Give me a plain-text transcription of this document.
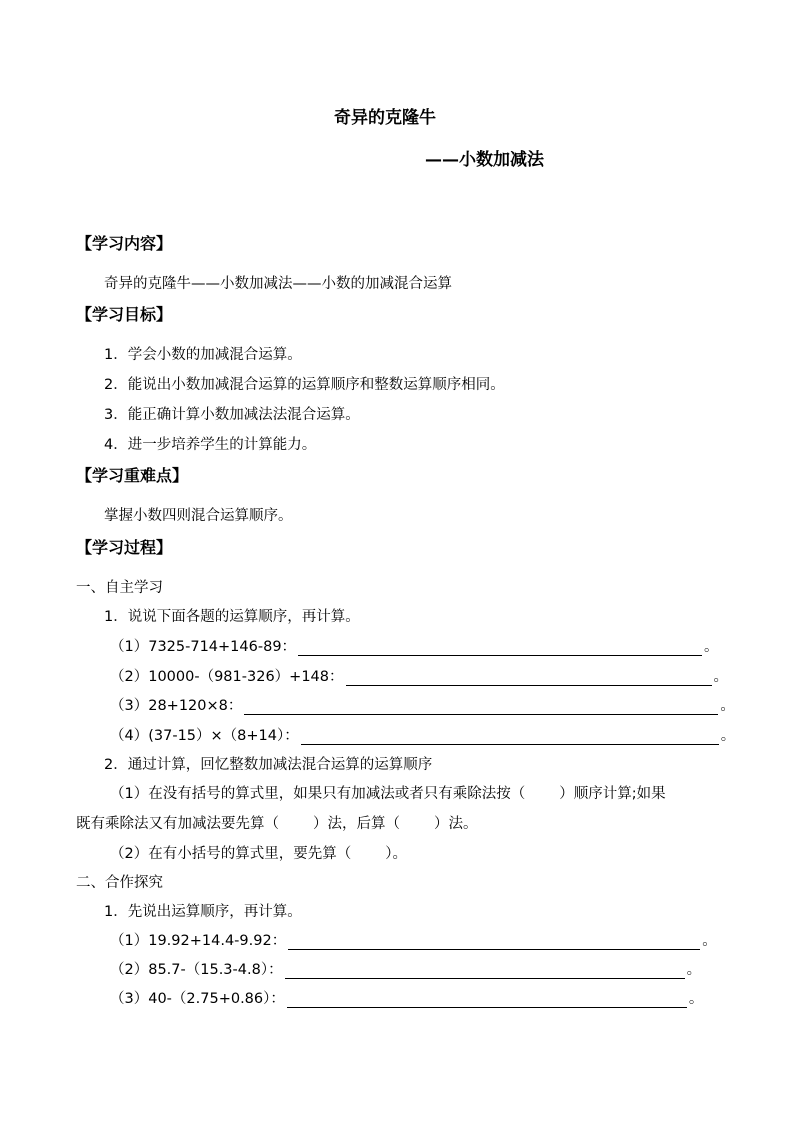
奇异的克隆牛
——小数加减法
【学习内容】
奇异的克隆牛——小数加减法——小数的加减混合运算
【学习目标】
1．学会小数的加减混合运算。
2．能说出小数加减混合运算的运算顺序和整数运算顺序相同。
3．能正确计算小数加减法法混合运算。
4．进一步培养学生的计算能力。
【学习重难点】
掌握小数四则混合运算顺序。
【学习过程】
一、自主学习
1．说说下面各题的运算顺序，再计算。
（1）7325-714+146-89：	。
（2）10000-（981-326）+148：	。
（3）28+120×8：	。
（4）(37-15）×（8+14）：	。
2．通过计算，回忆整数加减法混合运算的运算顺序
（1）在没有括号的算式里，如果只有加减法或者只有乘除法按（ ）顺序计算;如果
既有乘除法又有加减法要先算（ ）法，后算（ ）法。
（2）在有小括号的算式里，要先算（ ）。
二、合作探究
1．先说出运算顺序，再计算。
（1）19.92+14.4-9.92：	。
（2）85.7-（15.3-4.8）：	。
（3）40-（2.75+0.86）：	。
